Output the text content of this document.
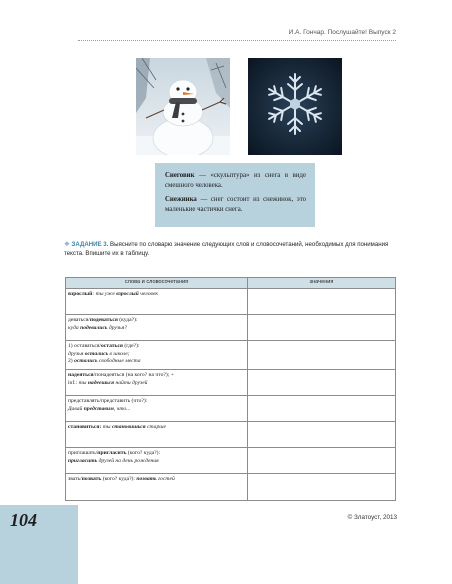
И.А. Гончар. Послушайте! Выпуск 2

Снеговик — «скульптура» из снега в виде смешного человека.

Снежинка — снег состоит из снежинок, это маленькие частички снега.

❖ ЗАДАНИЕ 3. Выясните по словарю значение следующих слов и словосочетаний, необходимых для понимания текста. Впишите их в таблицу.
слова и словосочетания	значения

взрослый: ты уже взрослый человек	

деваться/подеваться (куда?):
куда подевались друзья?	

1) оставаться/остаться (где?):
друзья остались в школе;
2) остались свободные места	

надеяться/понадеяться (на кого? на что?); +
inf.: ты надеешься найти друзей	

представлять/представить (что?):
Давай представим, что...	

становиться: ты становишься старше	

приглашать/пригласить (кого? куда?):
пригласить друзей на день рождения	

звать/позвать (кого? куда?): позвать гостей	

104	© Златоуст, 2013
